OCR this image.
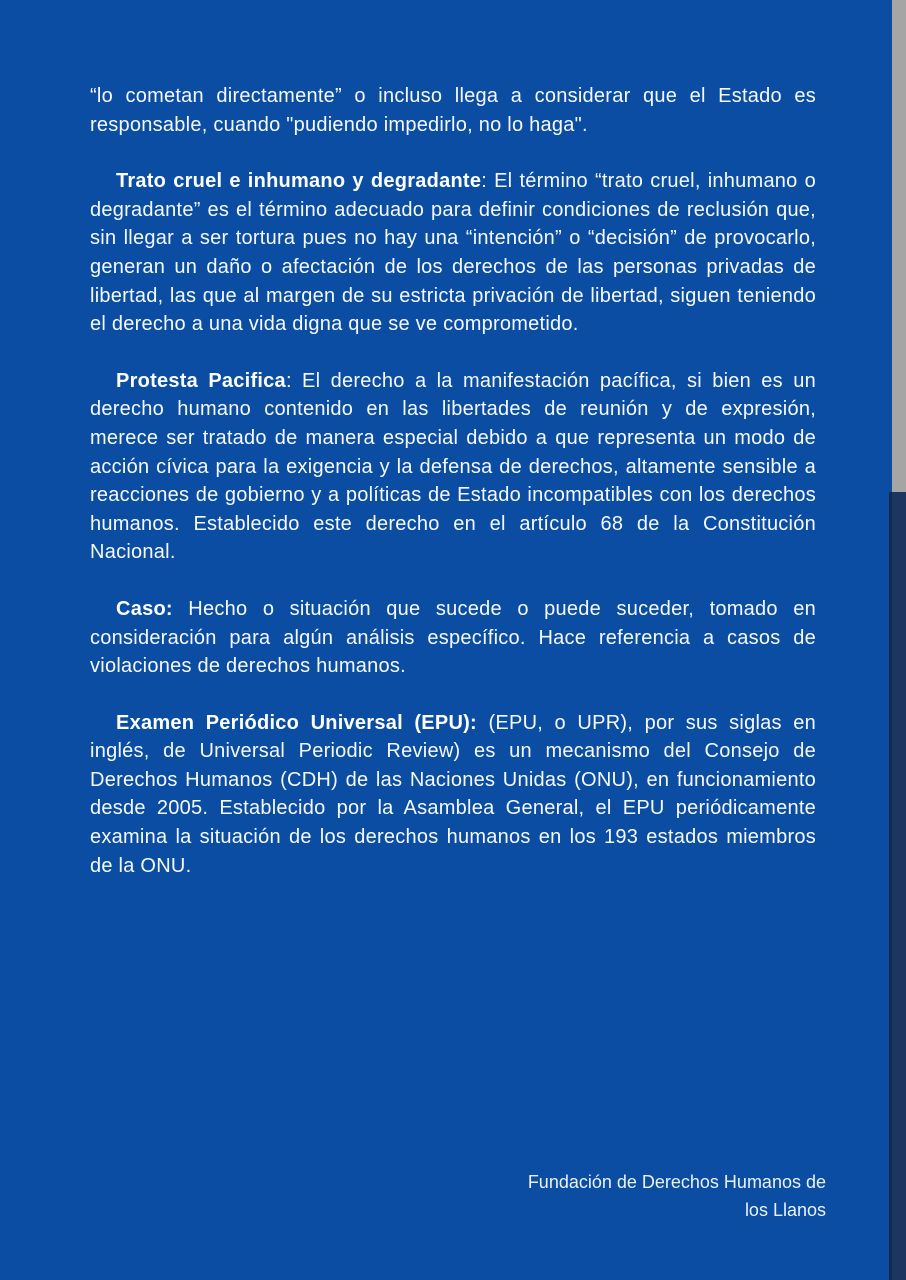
“lo cometan directamente” o incluso llega a considerar que el Estado es responsable, cuando "pudiendo impedirlo, no lo haga".

Trato cruel e inhumano y degradante: El término “trato cruel, inhumano o degradante” es el término adecuado para definir condiciones de reclusión que, sin llegar a ser tortura pues no hay una “intención” o “decisión” de provocarlo, generan un daño o afectación de los derechos de las personas privadas de libertad, las que al margen de su estricta privación de libertad, siguen teniendo el derecho a una vida digna que se ve comprometido.

Protesta Pacifica: El derecho a la manifestación pacífica, si bien es un derecho humano contenido en las libertades de reunión y de expresión, merece ser tratado de manera especial debido a que representa un modo de acción cívica para la exigencia y la defensa de derechos, altamente sensible a reacciones de gobierno y a políticas de Estado incompatibles con los derechos humanos. Establecido este derecho en el artículo 68 de la Constitución Nacional.

Caso: Hecho o situación que sucede o puede suceder, tomado en consideración para algún análisis específico. Hace referencia a casos de violaciones de derechos humanos.

Examen Periódico Universal (EPU): (EPU, o UPR), por sus siglas en inglés, de Universal Periodic Review) es un mecanismo del Consejo de Derechos Humanos (CDH) de las Naciones Unidas (ONU), en funcionamiento desde 2005. Establecido por la Asamblea General, el EPU periódicamente examina la situación de los derechos humanos en los 193 estados miembros de la ONU.

Fundación de Derechos Humanos de
los Llanos
